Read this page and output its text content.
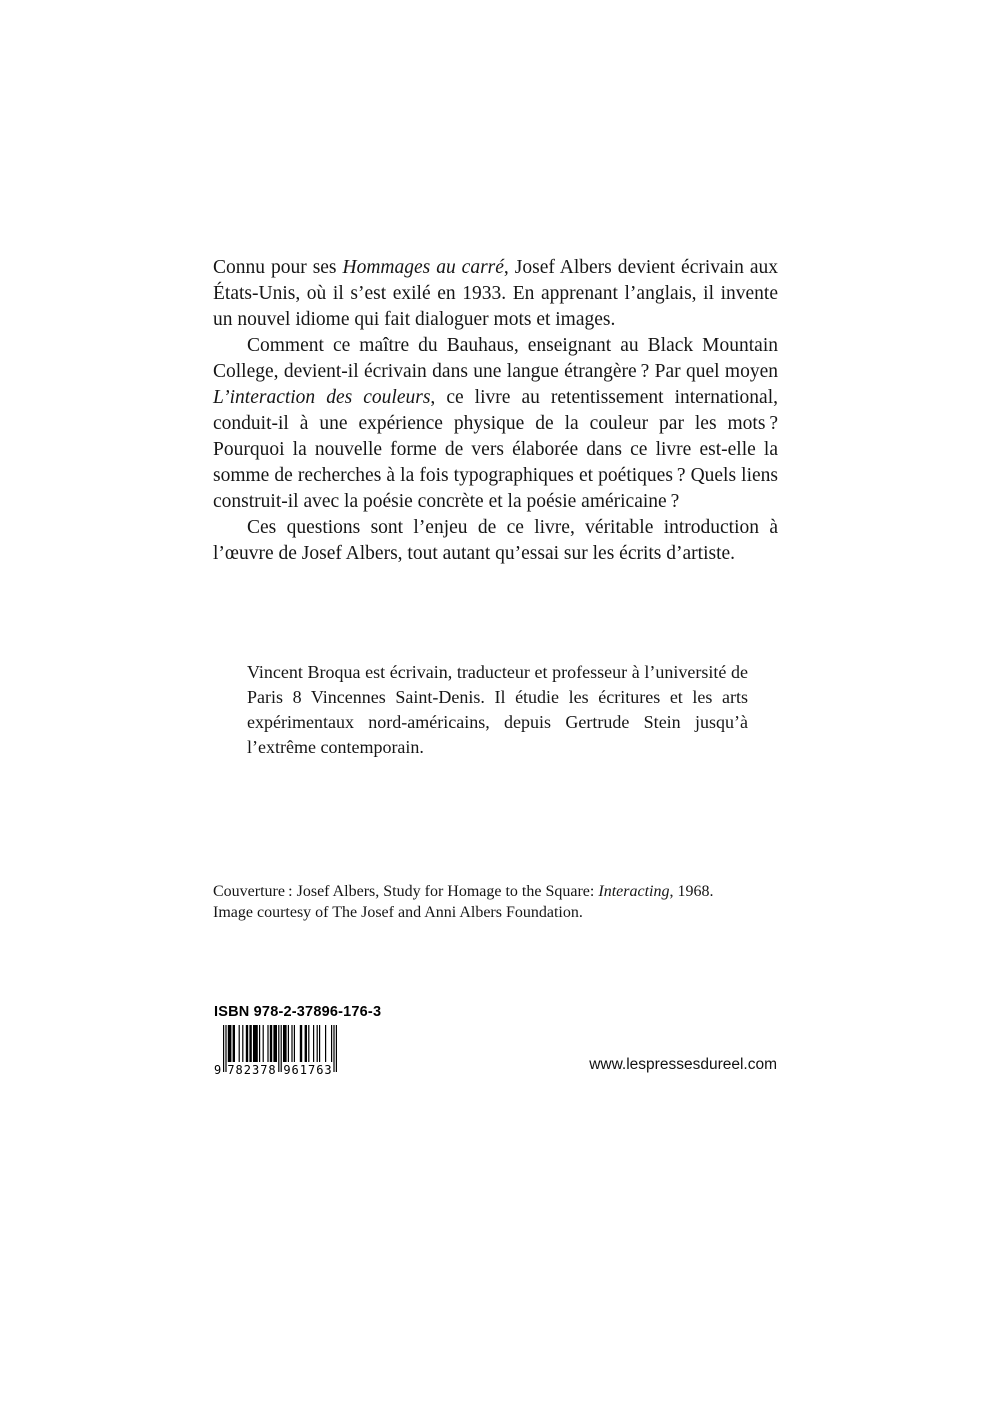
Connu pour ses Hommages au carré, Josef Albers devient écrivain aux États-Unis, où il s’est exilé en 1933. En apprenant l’anglais, il invente un nouvel idiome qui fait dialoguer mots et images.

Comment ce maître du Bauhaus, enseignant au Black Mountain College, devient-il écrivain dans une langue étrangère ? Par quel moyen L’interaction des couleurs, ce livre au retentissement international, conduit-il à une expérience physique de la couleur par les mots ? Pourquoi la nouvelle forme de vers élaborée dans ce livre est-elle la somme de recherches à la fois typographiques et poétiques ? Quels liens construit-il avec la poésie concrète et la poésie américaine ?

Ces questions sont l’enjeu de ce livre, véritable introduction à l’œuvre de Josef Albers, tout autant qu’essai sur les écrits d’artiste.

Vincent Broqua est écrivain, traducteur et professeur à l’université de Paris 8 Vincennes Saint-Denis. Il étudie les écritures et les arts expérimentaux nord-américains, depuis Gertrude Stein jusqu’à l’extrême contemporain.

Couverture : Josef Albers, Study for Homage to the Square: Interacting, 1968.

Image courtesy of The Josef and Anni Albers Foundation.

ISBN 978-2-37896-176-3
9 782378 961763	www.lespressesdureel.com
